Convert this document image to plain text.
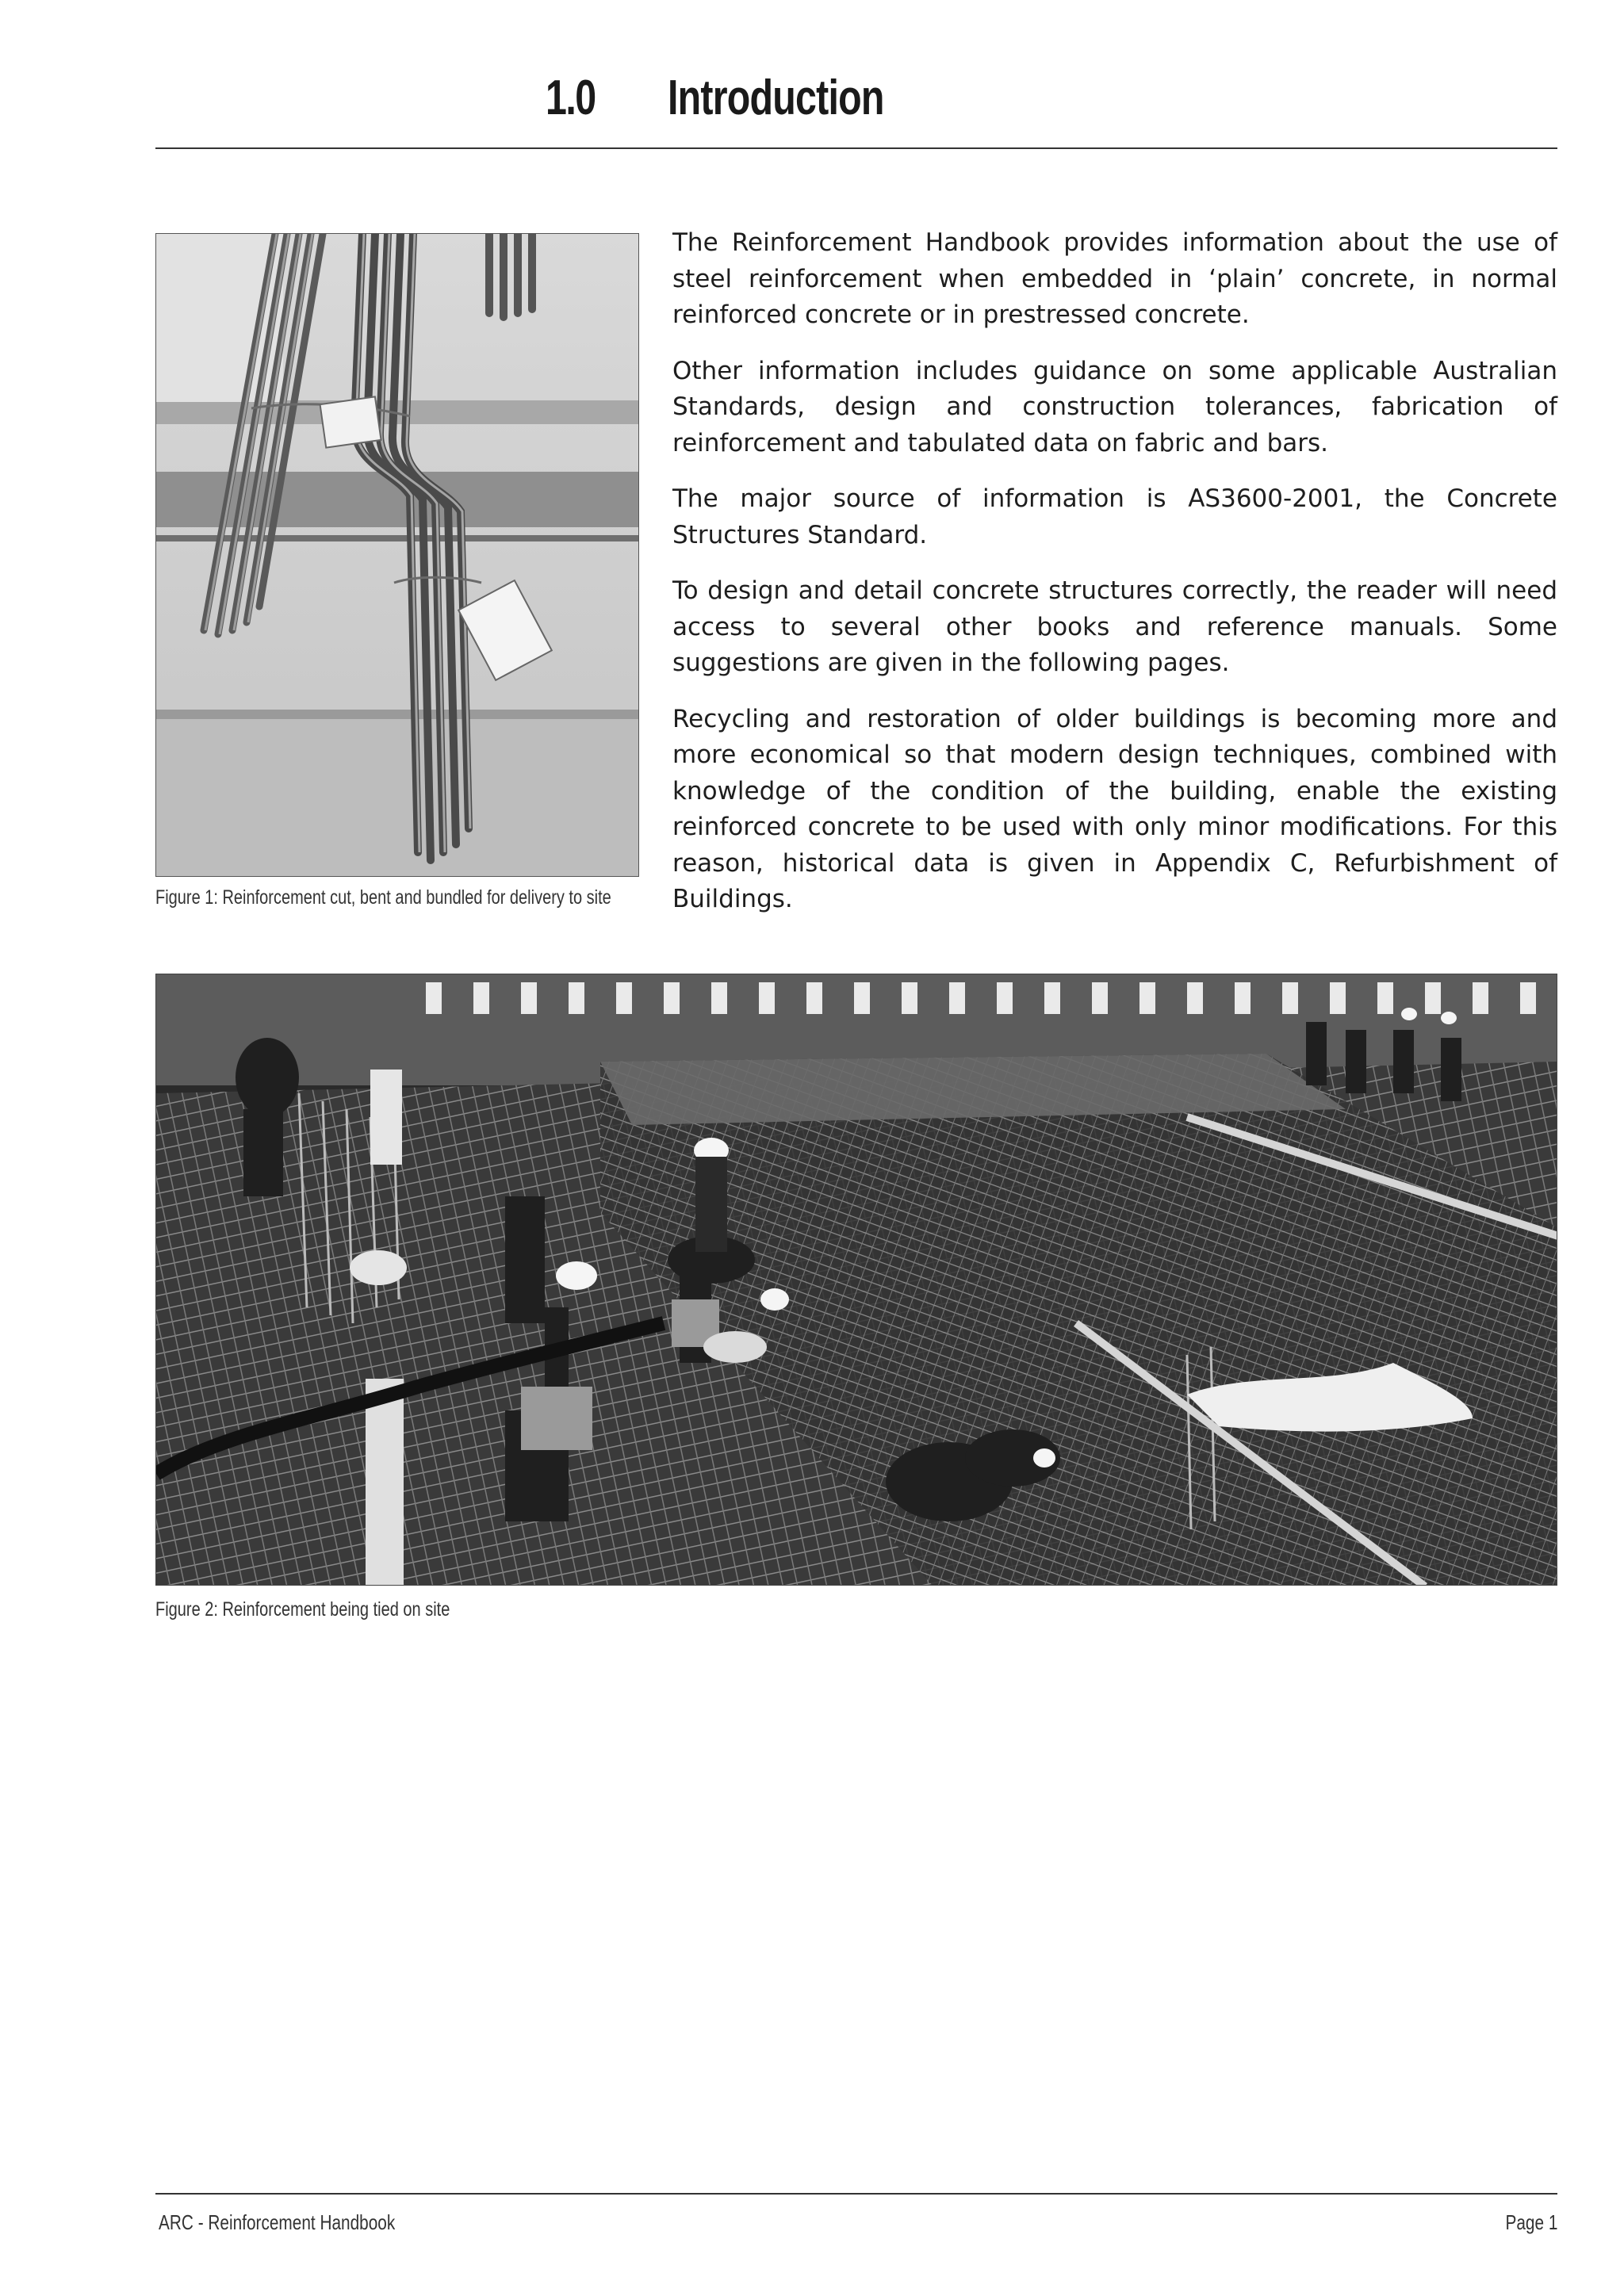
1.0 Introduction
Figure 1: Reinforcement cut, bent and bundled for delivery to site

The Reinforcement Handbook provides information about the use of steel reinforcement when embedded in ‘plain’ concrete, in normal reinforced concrete or in prestressed concrete.

Other information includes guidance on some applicable Australian Standards, design and construction tolerances, fabrication of reinforcement and tabulated data on fabric and bars.

The major source of information is AS3600-2001, the Concrete Structures Standard.

To design and detail concrete structures correctly, the reader will need access to several other books and reference manuals. Some suggestions are given in the following pages.

Recycling and restoration of older buildings is becoming more and more economical so that modern design techniques, combined with knowledge of the condition of the building, enable the existing reinforced concrete to be used with only minor modifications. For this reason, historical data is given in Appendix C, Refurbishment of Buildings.

Figure 2: Reinforcement being tied on site
ARC - Reinforcement Handbook	Page 1
